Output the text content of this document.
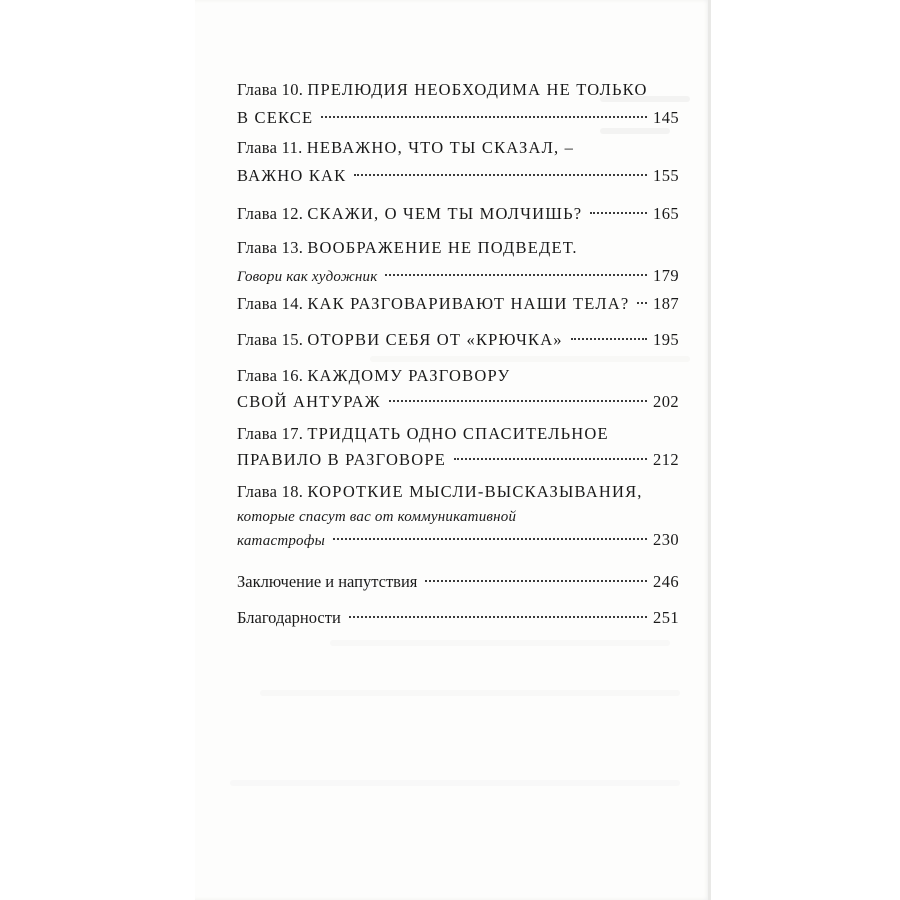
Глава 10. ПРЕЛЮДИЯ НЕОБХОДИМА НЕ ТОЛЬКО
В СЕКСЕ	145
Глава 11. НЕВАЖНО, ЧТО ТЫ СКАЗАЛ, –
ВАЖНО КАК	155
Глава 12.
СКАЖИ, О ЧЕМ ТЫ МОЛЧИШЬ?	165
Глава 13. ВООБРАЖЕНИЕ НЕ ПОДВЕДЕТ.
Говори как художник	179
Глава 14.
КАК РАЗГОВАРИВАЮТ НАШИ ТЕЛА? 187
Глава 15.
ОТОРВИ СЕБЯ ОТ «КРЮЧКА»	195
Глава 16. КАЖДОМУ РАЗГОВОРУ
СВОЙ АНТУРАЖ	202
Глава 17. ТРИДЦАТЬ ОДНО СПАСИТЕЛЬНОЕ
ПРАВИЛО В РАЗГОВОРЕ	212
Глава 18. КОРОТКИЕ МЫСЛИ-ВЫСКАЗЫВАНИЯ,
которые спасут вас от коммуникативной
катастрофы	230
Заключение и напутствия	246
Благодарности	251
